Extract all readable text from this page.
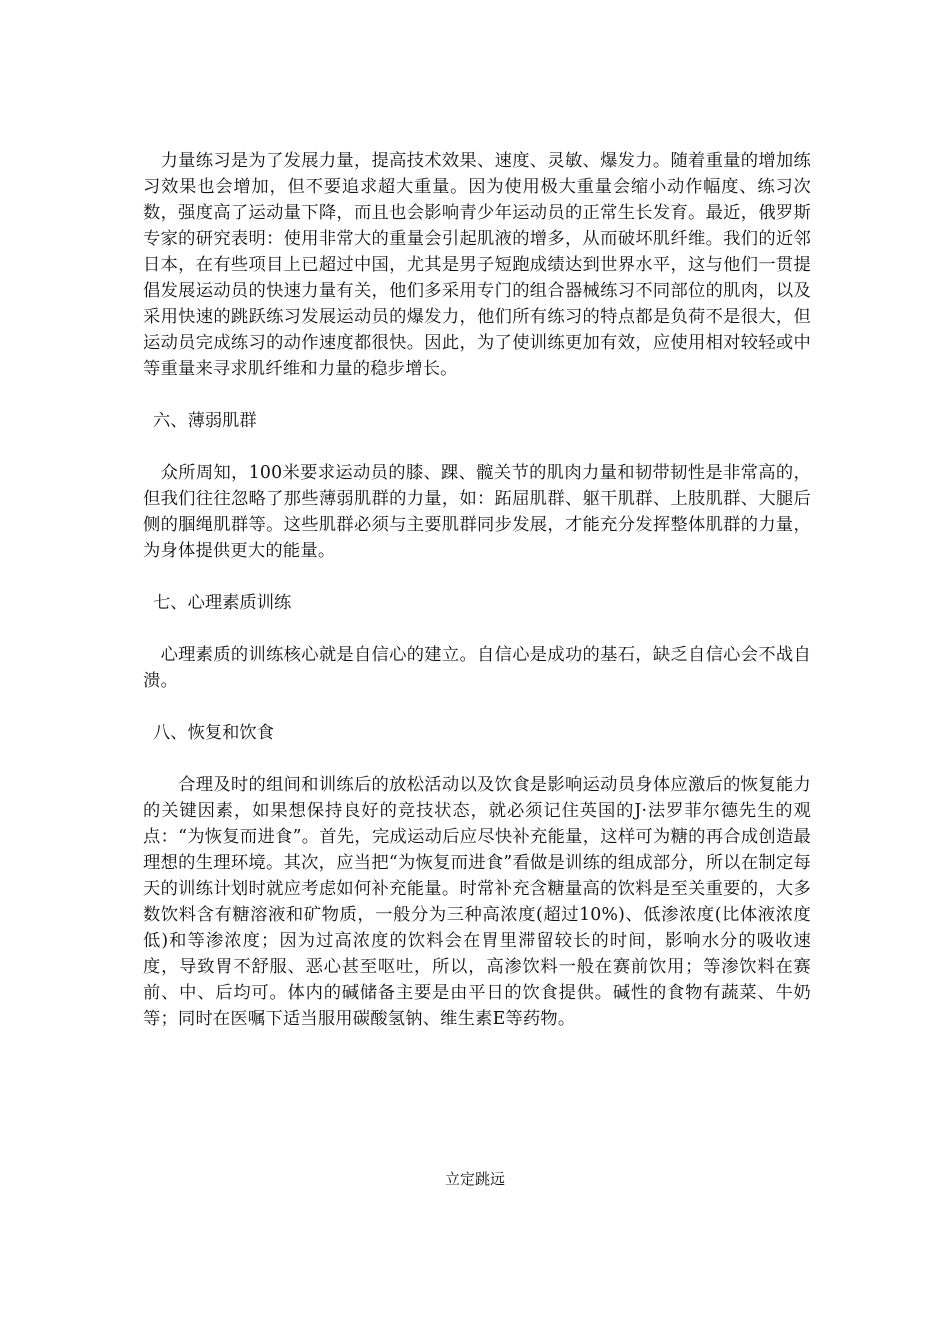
　力量练习是为了发展力量，提高技术效果、速度、灵敏、爆发力。随着重量的增加练习效果也会增加，但不要追求超大重量。因为使用极大重量会缩小动作幅度、练习次数，强度高了运动量下降，而且也会影响青少年运动员的正常生长发育。最近，俄罗斯专家的研究表明：使用非常大的重量会引起肌液的增多，从而破坏肌纤维。我们的近邻日本，在有些项目上已超过中国，尤其是男子短跑成绩达到世界水平，这与他们一贯提倡发展运动员的快速力量有关，他们多采用专门的组合器械练习不同部位的肌肉，以及采用快速的跳跃练习发展运动员的爆发力，他们所有练习的特点都是负荷不是很大，但运动员完成练习的动作速度都很快。因此，为了使训练更加有效，应使用相对较轻或中等重量来寻求肌纤维和力量的稳步增长。

六、薄弱肌群

　众所周知，100米要求运动员的膝、踝、髋关节的肌肉力量和韧带韧性是非常高的，但我们往往忽略了那些薄弱肌群的力量，如：跖屈肌群、躯干肌群、上肢肌群、大腿后侧的腘绳肌群等。这些肌群必须与主要肌群同步发展，才能充分发挥整体肌群的力量，为身体提供更大的能量。

七、心理素质训练

　心理素质的训练核心就是自信心的建立。自信心是成功的基石，缺乏自信心会不战自溃。

八、恢复和饮食

　　合理及时的组间和训练后的放松活动以及饮食是影响运动员身体应激后的恢复能力的关键因素，如果想保持良好的竞技状态，就必须记住英国的J·法罗菲尔德先生的观点：“为恢复而进食”。首先，完成运动后应尽快补充能量，这样可为糖的再合成创造最理想的生理环境。其次，应当把“为恢复而进食”看做是训练的组成部分，所以在制定每天的训练计划时就应考虑如何补充能量。时常补充含糖量高的饮料是至关重要的，大多数饮料含有糖溶液和矿物质，一般分为三种高浓度(超过10%)、低渗浓度(比体液浓度低)和等渗浓度；因为过高浓度的饮料会在胃里滞留较长的时间，影响水分的吸收速度，导致胃不舒服、恶心甚至呕吐，所以，高渗饮料一般在赛前饮用；等渗饮料在赛前、中、后均可。体内的碱储备主要是由平日的饮食提供。碱性的食物有蔬菜、牛奶等；同时在医嘱下适当服用碳酸氢钠、维生素E等药物。

立定跳远
